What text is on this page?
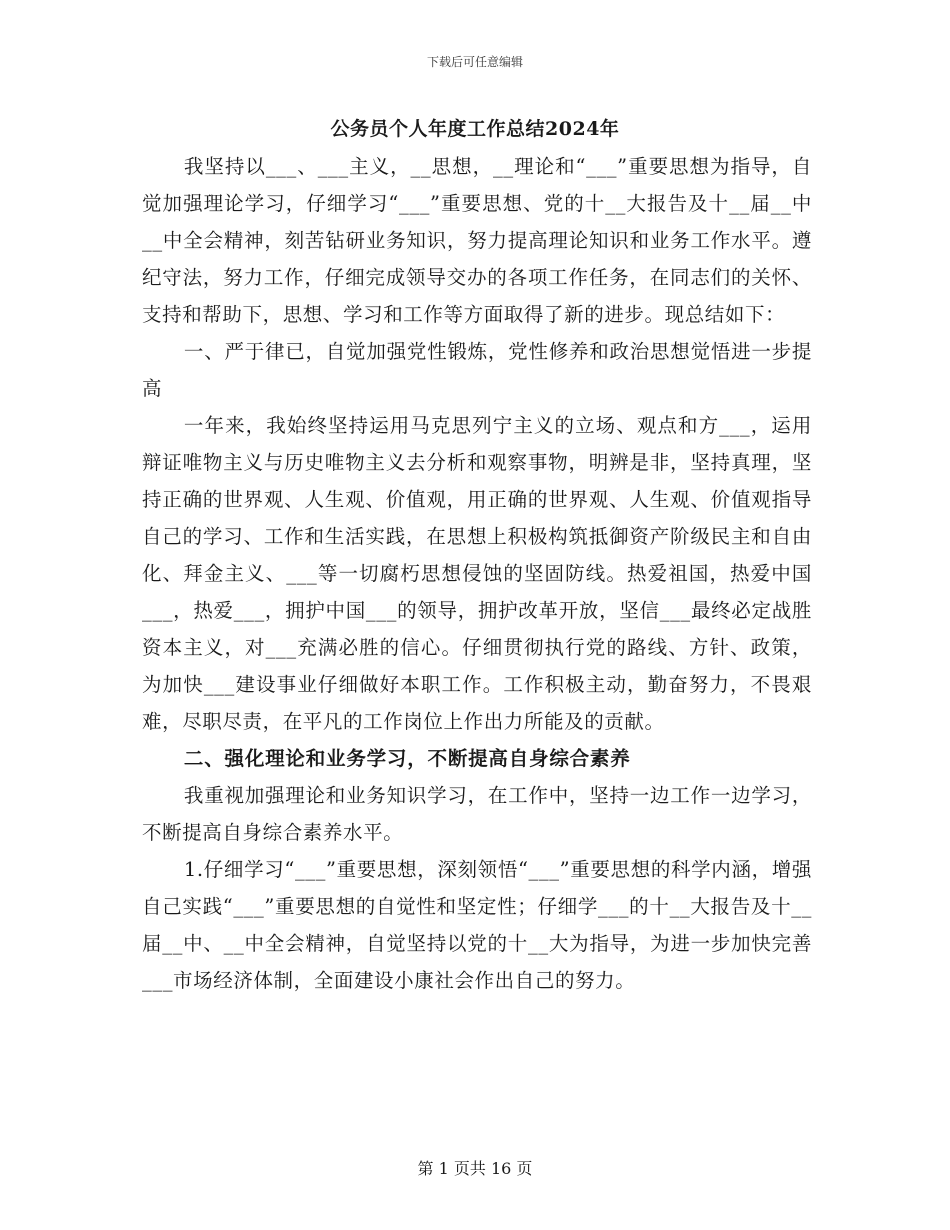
下载后可任意编辑
公务员个人年度工作总结2024年

我坚持以___、___主义，__思想，__理论和“___”重要思想为指导，自觉加强理论学习，仔细学习“___”重要思想、党的十__大报告及十__届__中__中全会精神，刻苦钻研业务知识，努力提高理论知识和业务工作水平。遵纪守法，努力工作，仔细完成领导交办的各项工作任务，在同志们的关怀、支持和帮助下，思想、学习和工作等方面取得了新的进步。现总结如下：

一、严于律已，自觉加强党性锻炼，党性修养和政治思想觉悟进一步提高

一年来，我始终坚持运用马克思列宁主义的立场、观点和方___，运用辩证唯物主义与历史唯物主义去分析和观察事物，明辨是非，坚持真理，坚持正确的世界观、人生观、价值观，用正确的世界观、人生观、价值观指导自己的学习、工作和生活实践，在思想上积极构筑抵御资产阶级民主和自由化、拜金主义、___等一切腐朽思想侵蚀的坚固防线。热爱祖国，热爱中国___，热爱___，拥护中国___的领导，拥护改革开放，坚信___最终必定战胜资本主义，对___充满必胜的信心。仔细贯彻执行党的路线、方针、政策，为加快___建设事业仔细做好本职工作。工作积极主动，勤奋努力，不畏艰难，尽职尽责，在平凡的工作岗位上作出力所能及的贡献。

二、强化理论和业务学习，不断提高自身综合素养

我重视加强理论和业务知识学习，在工作中，坚持一边工作一边学习，不断提高自身综合素养水平。

1.仔细学习“___”重要思想，深刻领悟“___”重要思想的科学内涵，增强自己实践“___”重要思想的自觉性和坚定性；仔细学___的十__大报告及十__届__中、__中全会精神，自觉坚持以党的十__大为指导，为进一步加快完善___市场经济体制，全面建设小康社会作出自己的努力。

第 1 页共 16 页
